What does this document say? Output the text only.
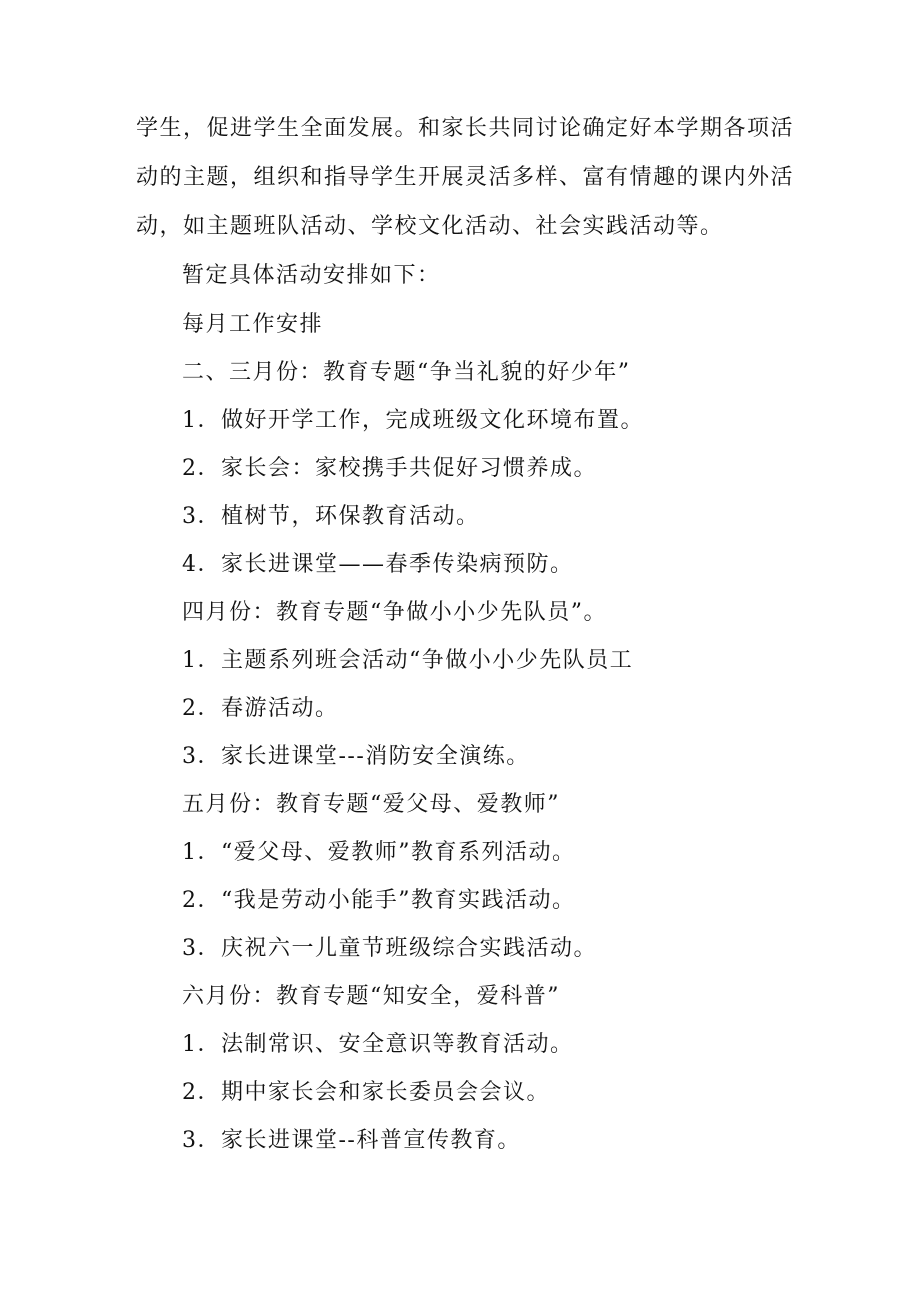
学生，促进学生全面发展。和家长共同讨论确定好本学期各项活
动的主题，组织和指导学生开展灵活多样、富有情趣的课内外活
动，如主题班队活动、学校文化活动、社会实践活动等。
暂定具体活动安排如下：
每月工作安排
二、三月份：教育专题“争当礼貌的好少年”
1．做好开学工作，完成班级文化环境布置。
2．家长会：家校携手共促好习惯养成。
3．植树节，环保教育活动。
4．家长进课堂——春季传染病预防。
四月份：教育专题“争做小小少先队员”。
1．主题系列班会活动“争做小小少先队员工
2．春游活动。
3．家长进课堂---消防安全演练。
五月份：教育专题“爱父母、爱教师”
1．“爱父母、爱教师”教育系列活动。
2．“我是劳动小能手”教育实践活动。
3．庆祝六一儿童节班级综合实践活动。
六月份：教育专题“知安全，爱科普”
1．法制常识、安全意识等教育活动。
2．期中家长会和家长委员会会议。
3．家长进课堂--科普宣传教育。
